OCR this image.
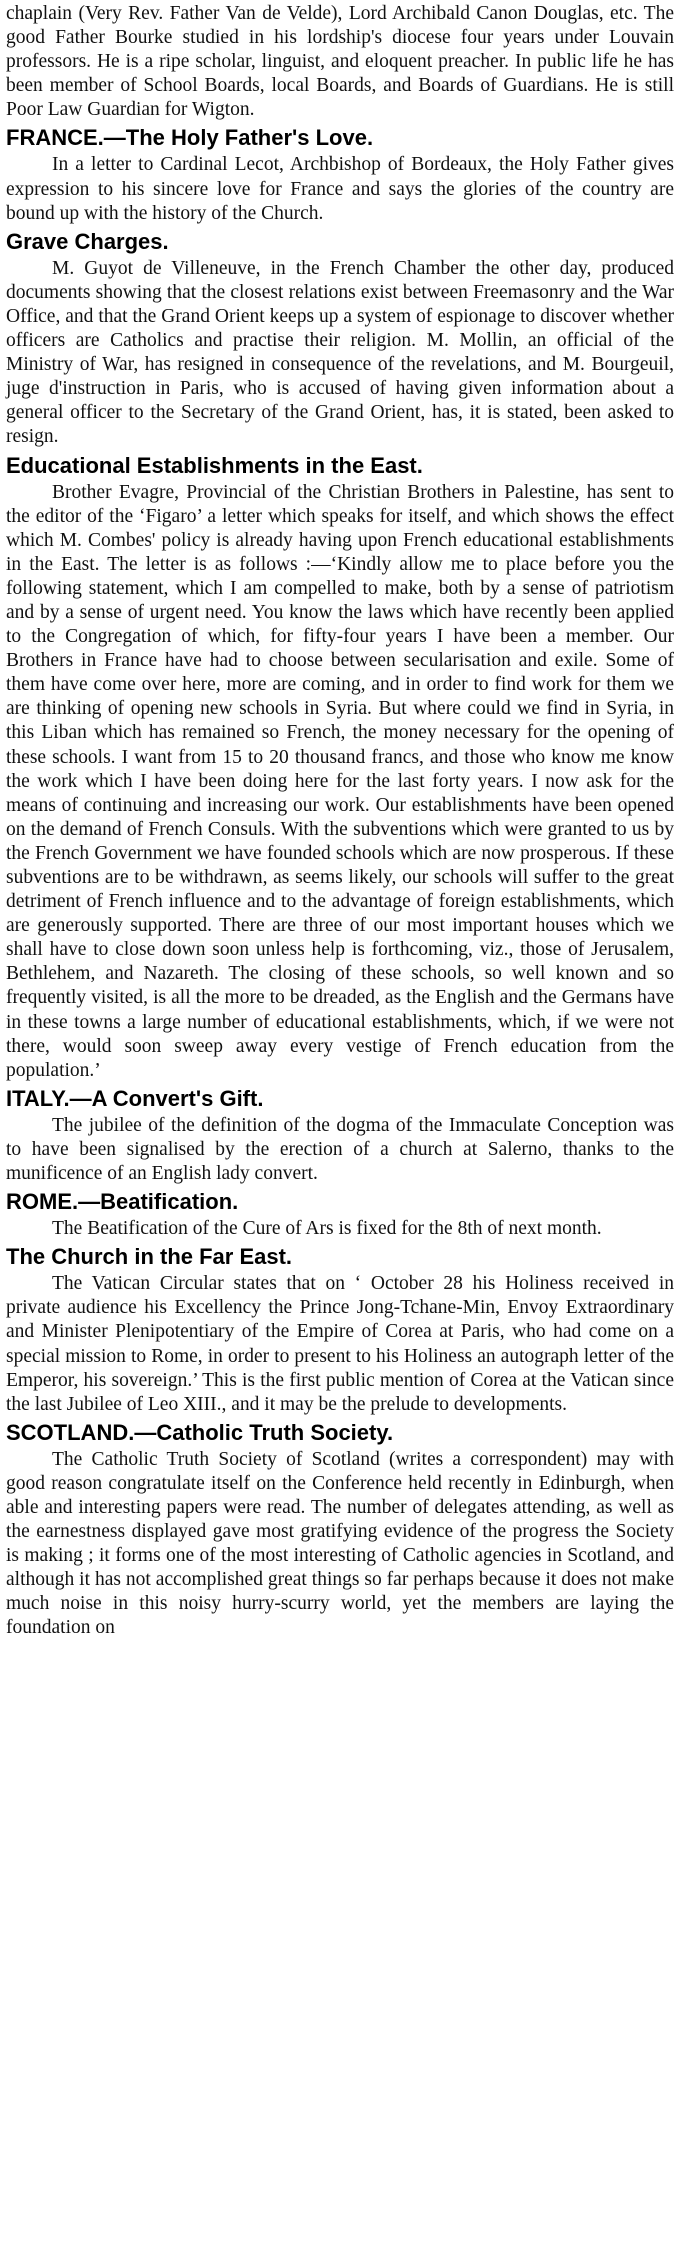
chaplain (Very Rev. Father Van de Velde), Lord Archibald Canon Douglas, etc. The good Father Bourke studied in his lordship's diocese four years under Louvain professors. He is a ripe scholar, linguist, and eloquent preacher. In public life he has been member of School Boards, local Boards, and Boards of Guardians. He is still Poor Law Guardian for Wigton.

FRANCE.—The Holy Father's Love.

In a letter to Cardinal Lecot, Archbishop of Bordeaux, the Holy Father gives expression to his sincere love for France and says the glories of the country are bound up with the history of the Church.

Grave Charges.

M. Guyot de Villeneuve, in the French Chamber the other day, produced documents showing that the closest relations exist between Freemasonry and the War Office, and that the Grand Orient keeps up a system of espionage to discover whether officers are Catholics and practise their religion. M. Mollin, an official of the Ministry of War, has resigned in consequence of the revelations, and M. Bourgeuil, juge d'instruction in Paris, who is accused of having given information about a general officer to the Secretary of the Grand Orient, has, it is stated, been asked to resign.

Educational Establishments in the East.

Brother Evagre, Provincial of the Christian Brothers in Palestine, has sent to the editor of the ‘Figaro’ a letter which speaks for itself, and which shows the effect which M. Combes' policy is already having upon French educational establishments in the East. The letter is as follows :—‘Kindly allow me to place before you the following statement, which I am compelled to make, both by a sense of patriotism and by a sense of urgent need. You know the laws which have recently been applied to the Congregation of which, for fifty-four years I have been a member. Our Brothers in France have had to choose between secularisation and exile. Some of them have come over here, more are coming, and in order to find work for them we are thinking of opening new schools in Syria. But where could we find in Syria, in this Liban which has remained so French, the money necessary for the opening of these schools. I want from 15 to 20 thousand francs, and those who know me know the work which I have been doing here for the last forty years. I now ask for the means of continuing and increasing our work. Our establishments have been opened on the demand of French Consuls. With the subventions which were granted to us by the French Government we have founded schools which are now prosperous. If these subventions are to be withdrawn, as seems likely, our schools will suffer to the great detriment of French influence and to the advantage of foreign establishments, which are generously supported. There are three of our most important houses which we shall have to close down soon unless help is forthcoming, viz., those of Jerusalem, Bethlehem, and Nazareth. The closing of these schools, so well known and so frequently visited, is all the more to be dreaded, as the English and the Germans have in these towns a large number of educational establishments, which, if we were not there, would soon sweep away every vestige of French education from the population.’

ITALY.—A Convert's Gift.

The jubilee of the definition of the dogma of the Immaculate Conception was to have been signalised by the erection of a church at Salerno, thanks to the munificence of an English lady convert.

ROME.—Beatification.

The Beatification of the Cure of Ars is fixed for the 8th of next month.

The Church in the Far East.

The Vatican Circular states that on ‘ October 28 his Holiness received in private audience his Excellency the Prince Jong-Tchane-Min, Envoy Extraordinary and Minister Plenipotentiary of the Empire of Corea at Paris, who had come on a special mission to Rome, in order to present to his Holiness an autograph letter of the Emperor, his sovereign.’ This is the first public mention of Corea at the Vatican since the last Jubilee of Leo XIII., and it may be the prelude to developments.

SCOTLAND.—Catholic Truth Society.

The Catholic Truth Society of Scotland (writes a correspondent) may with good reason congratulate itself on the Conference held recently in Edinburgh, when able and interesting papers were read. The number of delegates attending, as well as the earnestness displayed gave most gratifying evidence of the progress the Society is making ; it forms one of the most interesting of Catholic agencies in Scotland, and although it has not accomplished great things so far perhaps because it does not make much noise in this noisy hurry-scurry world, yet the members are laying the foundation on
